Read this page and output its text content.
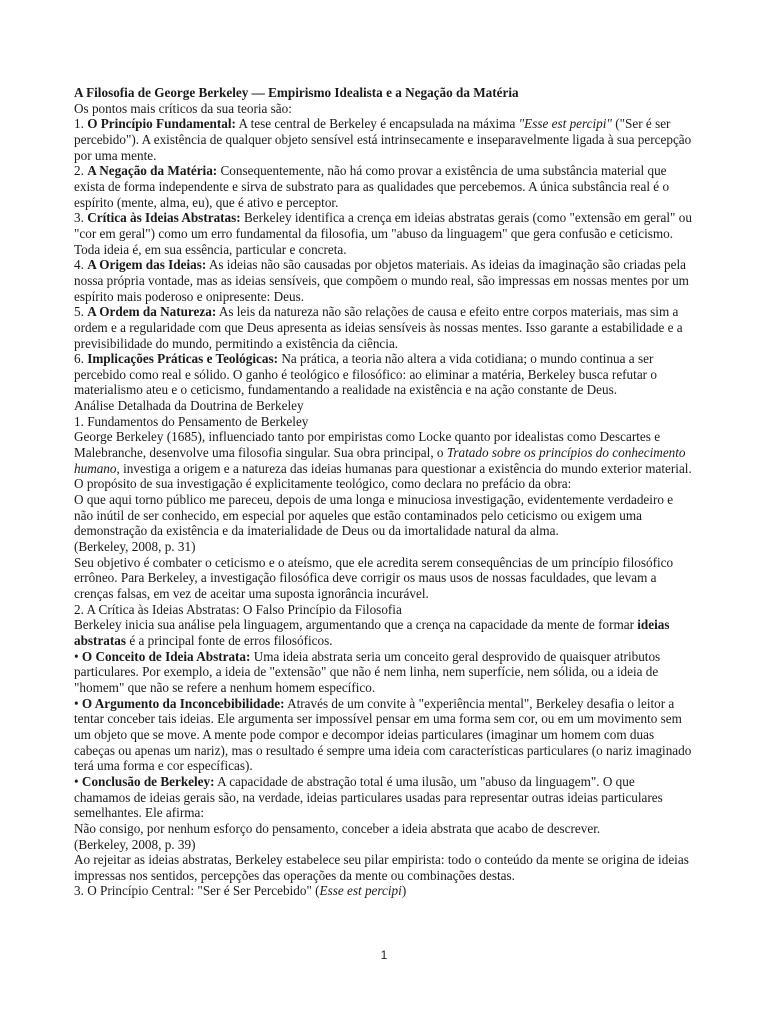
A Filosofia de George Berkeley — Empirismo Idealista e a Negação da Matéria

Os pontos mais críticos da sua teoria são:

1. O Princípio Fundamental: A tese central de Berkeley é encapsulada na máxima "Esse est percipi" ("Ser é ser percebido"). A existência de qualquer objeto sensível está intrinsecamente e inseparavelmente ligada à sua percepção por uma mente.

2. A Negação da Matéria: Consequentemente, não há como provar a existência de uma substância material que exista de forma independente e sirva de substrato para as qualidades que percebemos. A única substância real é o espírito (mente, alma, eu), que é ativo e perceptor.

3. Crítica às Ideias Abstratas: Berkeley identifica a crença em ideias abstratas gerais (como "extensão em geral" ou "cor em geral") como um erro fundamental da filosofia, um "abuso da linguagem" que gera confusão e ceticismo. Toda ideia é, em sua essência, particular e concreta.

4. A Origem das Ideias: As ideias não são causadas por objetos materiais. As ideias da imaginação são criadas pela nossa própria vontade, mas as ideias sensíveis, que compõem o mundo real, são impressas em nossas mentes por um espírito mais poderoso e onipresente: Deus.

5. A Ordem da Natureza: As leis da natureza não são relações de causa e efeito entre corpos materiais, mas sim a ordem e a regularidade com que Deus apresenta as ideias sensíveis às nossas mentes. Isso garante a estabilidade e a previsibilidade do mundo, permitindo a existência da ciência.

6. Implicações Práticas e Teológicas: Na prática, a teoria não altera a vida cotidiana; o mundo continua a ser percebido como real e sólido. O ganho é teológico e filosófico: ao eliminar a matéria, Berkeley busca refutar o materialismo ateu e o ceticismo, fundamentando a realidade na existência e na ação constante de Deus.

Análise Detalhada da Doutrina de Berkeley

1. Fundamentos do Pensamento de Berkeley

George Berkeley (1685), influenciado tanto por empiristas como Locke quanto por idealistas como Descartes e Malebranche, desenvolve uma filosofia singular. Sua obra principal, o Tratado sobre os princípios do conhecimento humano, investiga a origem e a natureza das ideias humanas para questionar a existência do mundo exterior material.

O propósito de sua investigação é explicitamente teológico, como declara no prefácio da obra:

O que aqui torno público me pareceu, depois de uma longa e minuciosa investigação, evidentemente verdadeiro e não inútil de ser conhecido, em especial por aqueles que estão contaminados pelo ceticismo ou exigem uma demonstração da existência e da imaterialidade de Deus ou da imortalidade natural da alma.

(Berkeley, 2008, p. 31)

Seu objetivo é combater o ceticismo e o ateísmo, que ele acredita serem consequências de um princípio filosófico errôneo. Para Berkeley, a investigação filosófica deve corrigir os maus usos de nossas faculdades, que levam a crenças falsas, em vez de aceitar uma suposta ignorância incurável.

2. A Crítica às Ideias Abstratas: O Falso Princípio da Filosofia

Berkeley inicia sua análise pela linguagem, argumentando que a crença na capacidade da mente de formar ideias abstratas é a principal fonte de erros filosóficos.

• O Conceito de Ideia Abstrata: Uma ideia abstrata seria um conceito geral desprovido de quaisquer atributos particulares. Por exemplo, a ideia de "extensão" que não é nem linha, nem superfície, nem sólida, ou a ideia de "homem" que não se refere a nenhum homem específico.

• O Argumento da Inconcebibilidade: Através de um convite à "experiência mental", Berkeley desafia o leitor a tentar conceber tais ideias. Ele argumenta ser impossível pensar em uma forma sem cor, ou em um movimento sem um objeto que se move. A mente pode compor e decompor ideias particulares (imaginar um homem com duas cabeças ou apenas um nariz), mas o resultado é sempre uma ideia com características particulares (o nariz imaginado terá uma forma e cor específicas).

• Conclusão de Berkeley: A capacidade de abstração total é uma ilusão, um "abuso da linguagem". O que chamamos de ideias gerais são, na verdade, ideias particulares usadas para representar outras ideias particulares semelhantes. Ele afirma:

Não consigo, por nenhum esforço do pensamento, conceber a ideia abstrata que acabo de descrever.

(Berkeley, 2008, p. 39)

Ao rejeitar as ideias abstratas, Berkeley estabelece seu pilar empirista: todo o conteúdo da mente se origina de ideias impressas nos sentidos, percepções das operações da mente ou combinações destas.

3. O Princípio Central: "Ser é Ser Percebido" (Esse est percipi)

1
